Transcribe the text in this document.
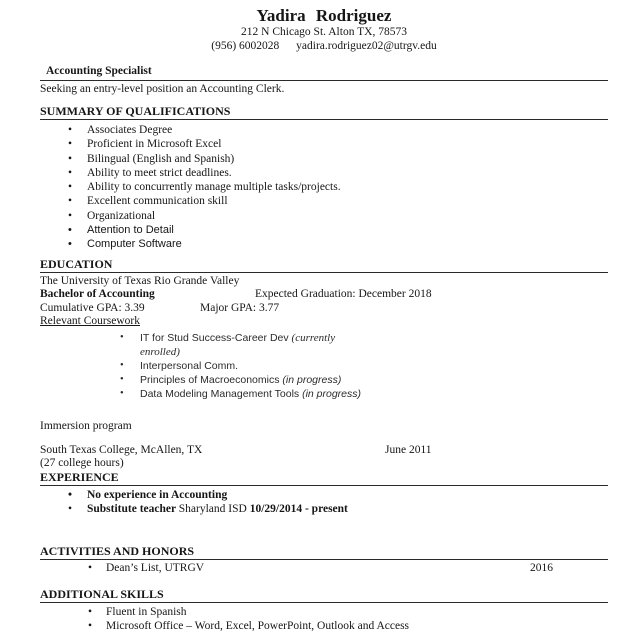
Yadira Rodriguez
212 N Chicago St. Alton TX, 78573
(956) 6002028 yadira.rodriguez02@utrgv.edu
Accounting Specialist
Seeking an entry-level position an Accounting Clerk.
SUMMARY OF QUALIFICATIONS
• Associates Degree
• Proficient in Microsoft Excel
• Bilingual (English and Spanish)
• Ability to meet strict deadlines.
• Ability to concurrently manage multiple tasks/projects.
• Excellent communication skill
• Organizational
• Attention to Detail
• Computer Software
EDUCATION
The University of Texas Rio Grande Valley
Bachelor of Accounting	Expected Graduation: December 2018
Cumulative GPA: 3.39	Major GPA: 3.77
Relevant Coursework
• IT for Stud Success-Career Dev (currently enrolled)
• Interpersonal Comm.
• Principles of Macroeconomics (in progress)
• Data Modeling Management Tools (in progress)
Immersion program
South Texas College, McAllen, TX	June 2011
(27 college hours)
EXPERIENCE
• No experience in Accounting
• Substitute teacher Sharyland ISD 10/29/2014 - present
ACTIVITIES AND HONORS
• Dean’s List, UTRGV	2016
ADDITIONAL SKILLS
• Fluent in Spanish
• Microsoft Office – Word, Excel, PowerPoint, Outlook and Access
